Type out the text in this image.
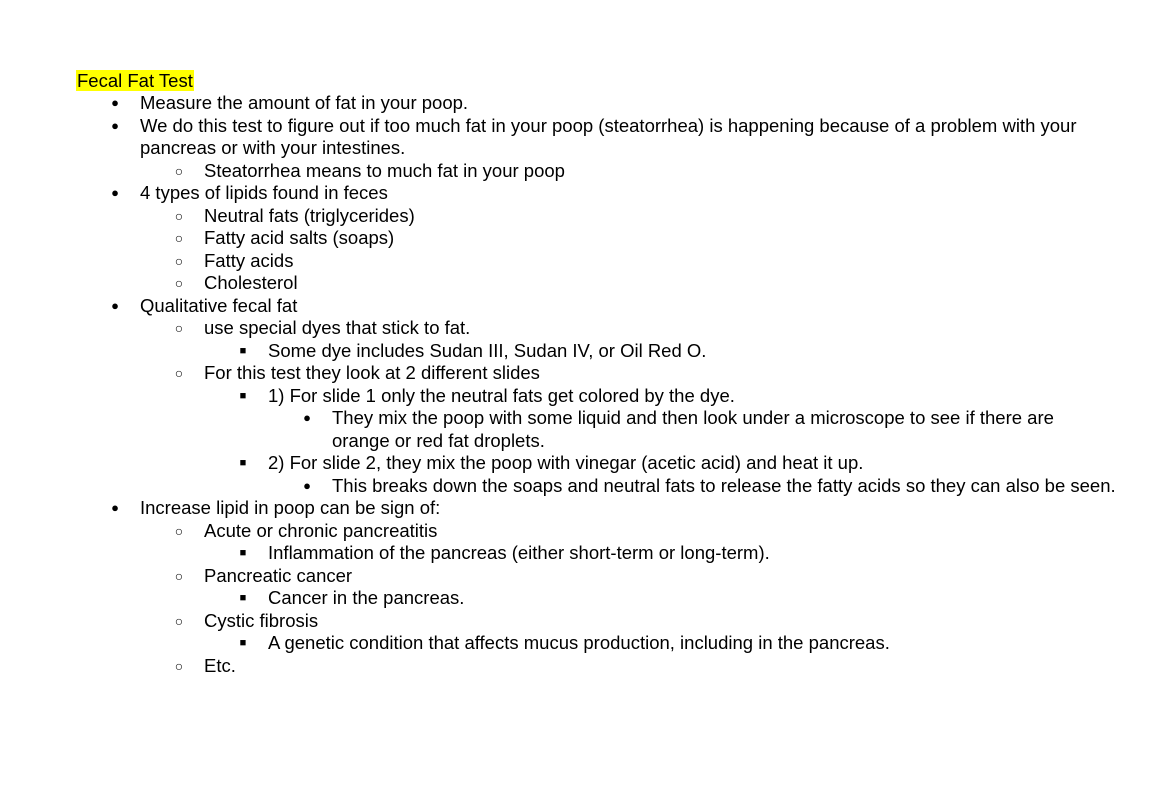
Fecal Fat Test
●	Measure the amount of fat in your poop.
●	We do this test to figure out if too much fat in your poop (steatorrhea) is happening because of a problem with your pancreas or with your intestines.
○	Steatorrhea means to much fat in your poop
●	4 types of lipids found in feces
○	Neutral fats (triglycerides)
○	Fatty acid salts (soaps)
○	Fatty acids
○	Cholesterol
●	Qualitative fecal fat
○	use special dyes that stick to fat.
■	Some dye includes Sudan III, Sudan IV, or Oil Red O.
○	For this test they look at 2 different slides
■	1) For slide 1 only the neutral fats get colored by the dye.
●	They mix the poop with some liquid and then look under a microscope to see if there are orange or red fat droplets.
■	2) For slide 2, they mix the poop with vinegar (acetic acid) and heat it up.
●	This breaks down the soaps and neutral fats to release the fatty acids so they can also be seen.
●	Increase lipid in poop can be sign of:
○	Acute or chronic pancreatitis
■	Inflammation of the pancreas (either short-term or long-term).
○	Pancreatic cancer
■	Cancer in the pancreas.
○	Cystic fibrosis
■	A genetic condition that affects mucus production, including in the pancreas.
○	Etc.
